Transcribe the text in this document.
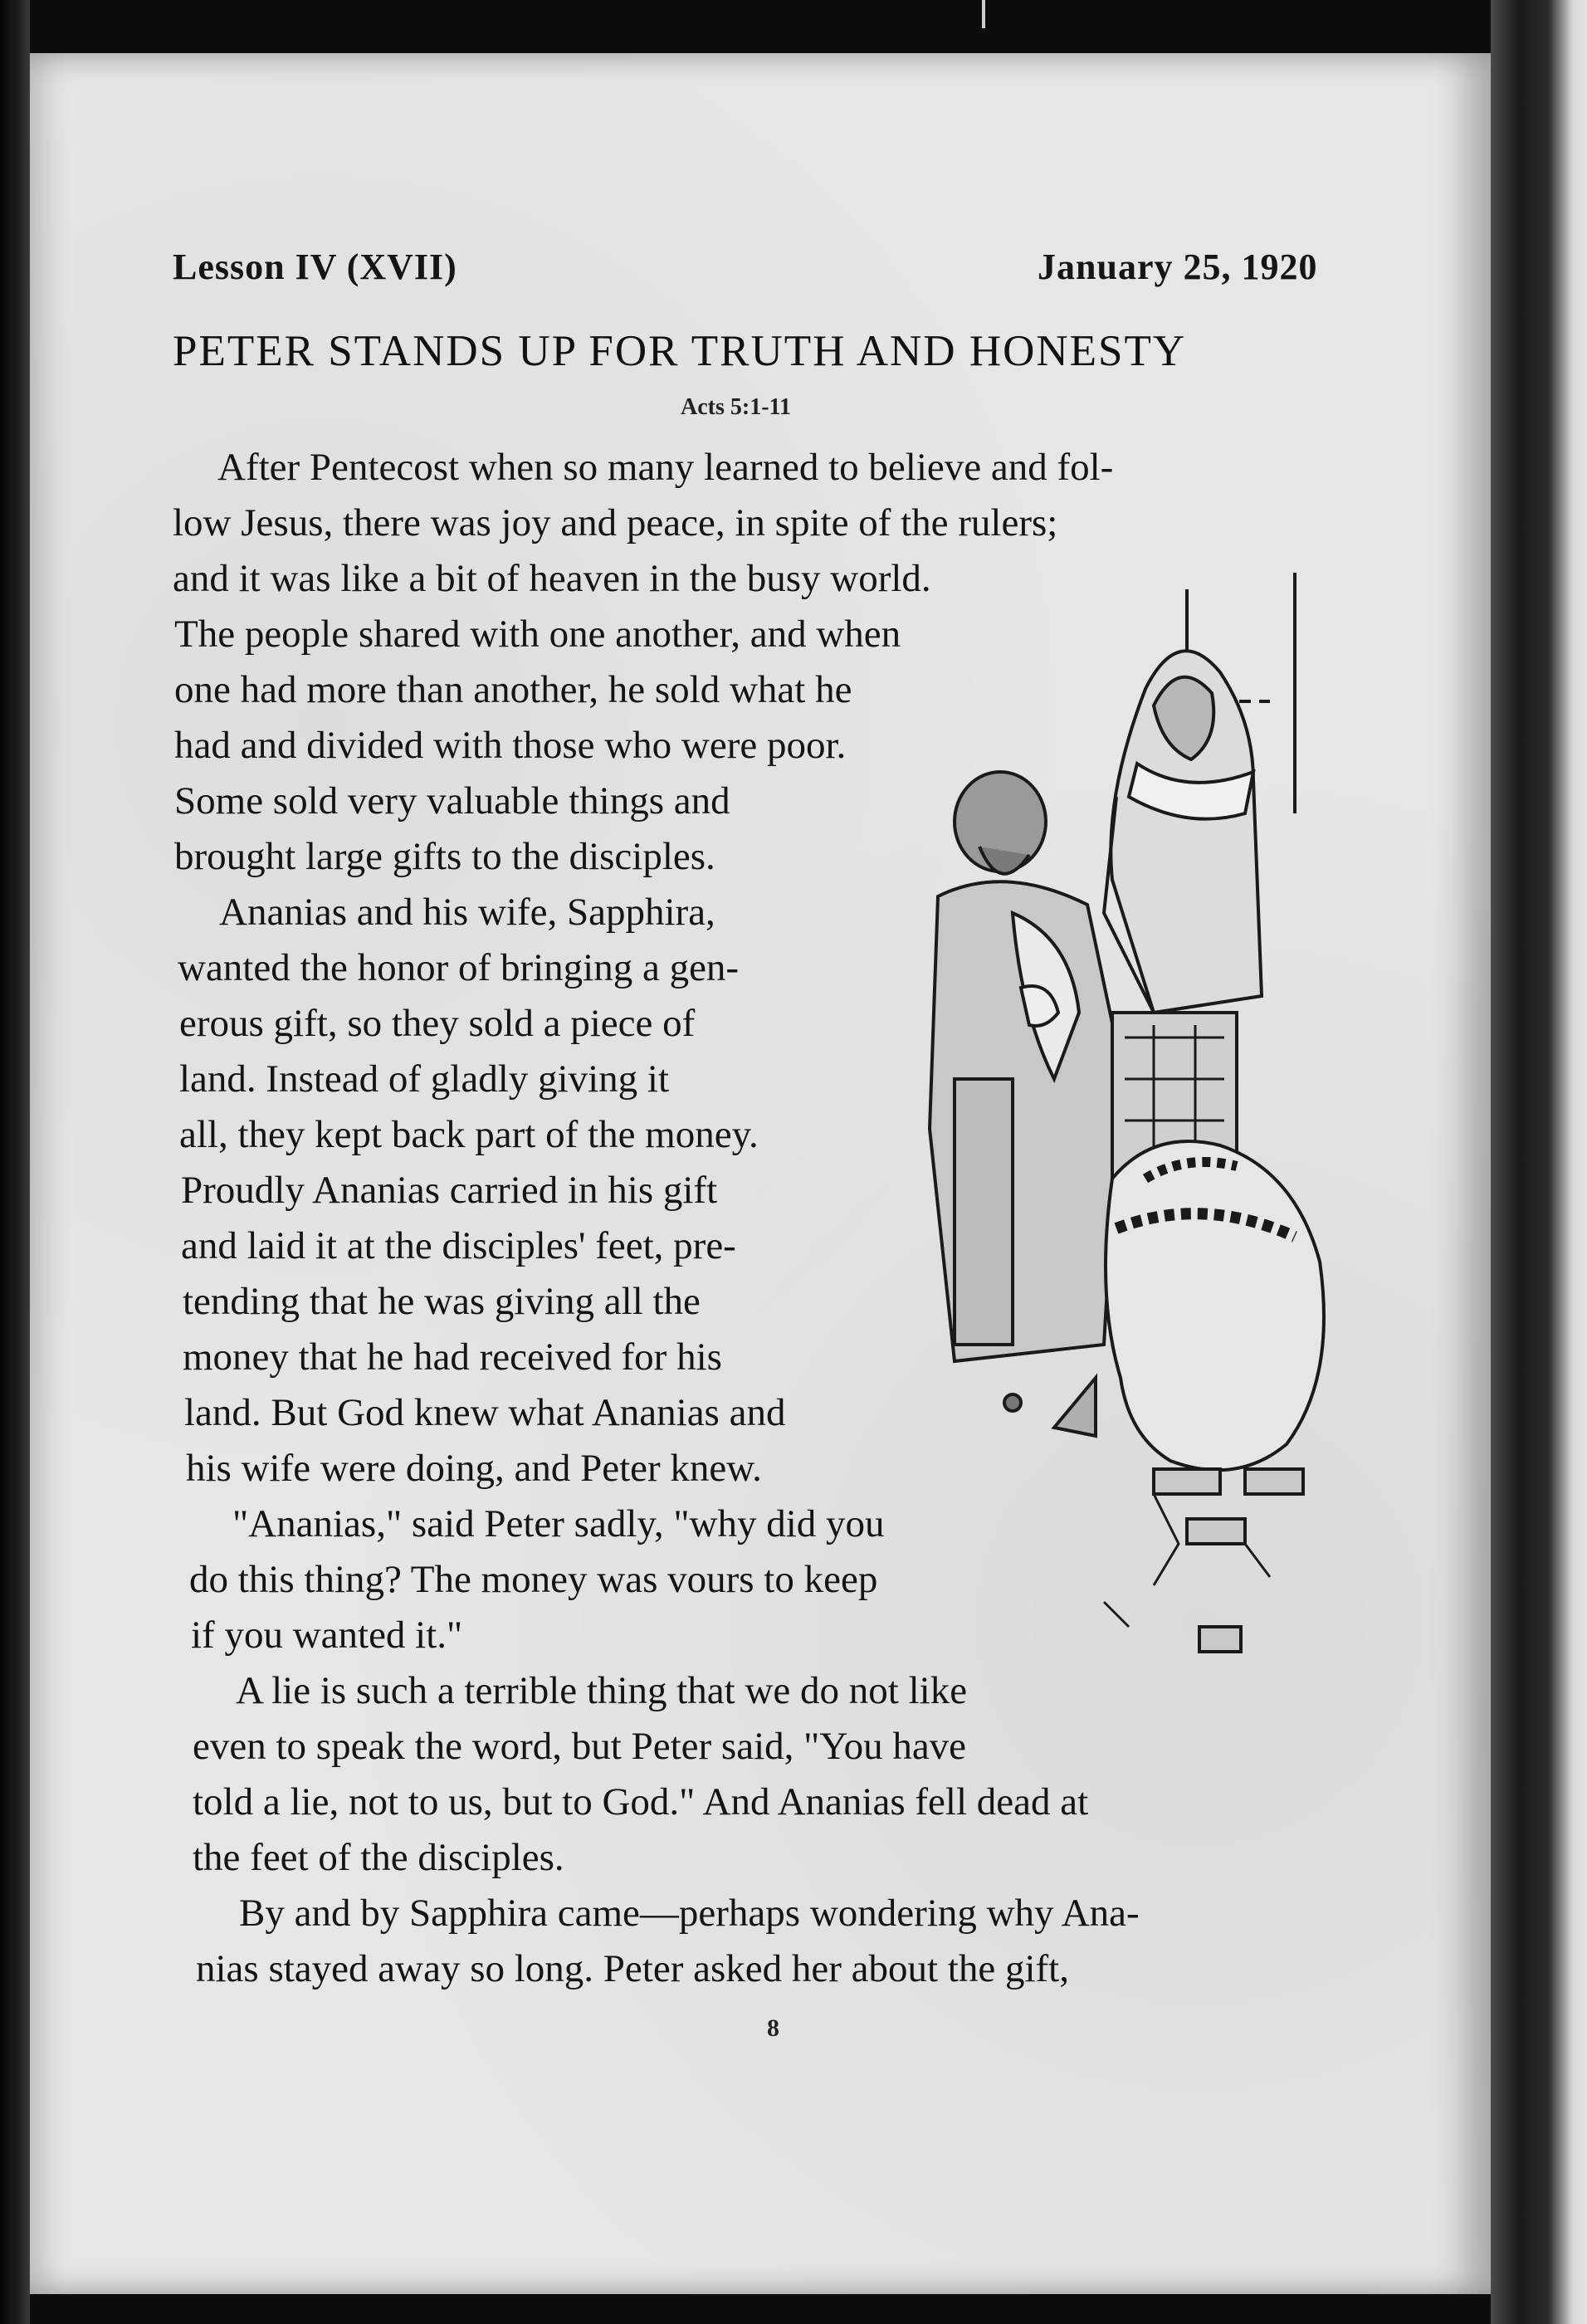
Lesson IV (XVII)	January 25, 1920
PETER STANDS UP FOR TRUTH AND HONESTY
Acts 5:1-11
After Pentecost when so many learned to believe and fol-
low Jesus, there was joy and peace, in spite of the rulers;
and it was like a bit of heaven in the busy world.
The people shared with one another, and when
one had more than another, he sold what he
had and divided with those who were poor.
Some sold very valuable things and
brought large gifts to the disciples.
Ananias and his wife, Sapphira,
wanted the honor of bringing a gen-
erous gift, so they sold a piece of
land. Instead of gladly giving it
all, they kept back part of the money.
Proudly Ananias carried in his gift
and laid it at the disciples' feet, pre-
tending that he was giving all the
money that he had received for his
land. But God knew what Ananias and
his wife were doing, and Peter knew.
"Ananias," said Peter sadly, "why did you
do this thing? The money was vours to keep
if you wanted it."
A lie is such a terrible thing that we do not like
even to speak the word, but Peter said, "You have
told a lie, not to us, but to God." And Ananias fell dead at
the feet of the disciples.
By and by Sapphira came—perhaps wondering why Ana-
nias stayed away so long. Peter asked her about the gift,
8
